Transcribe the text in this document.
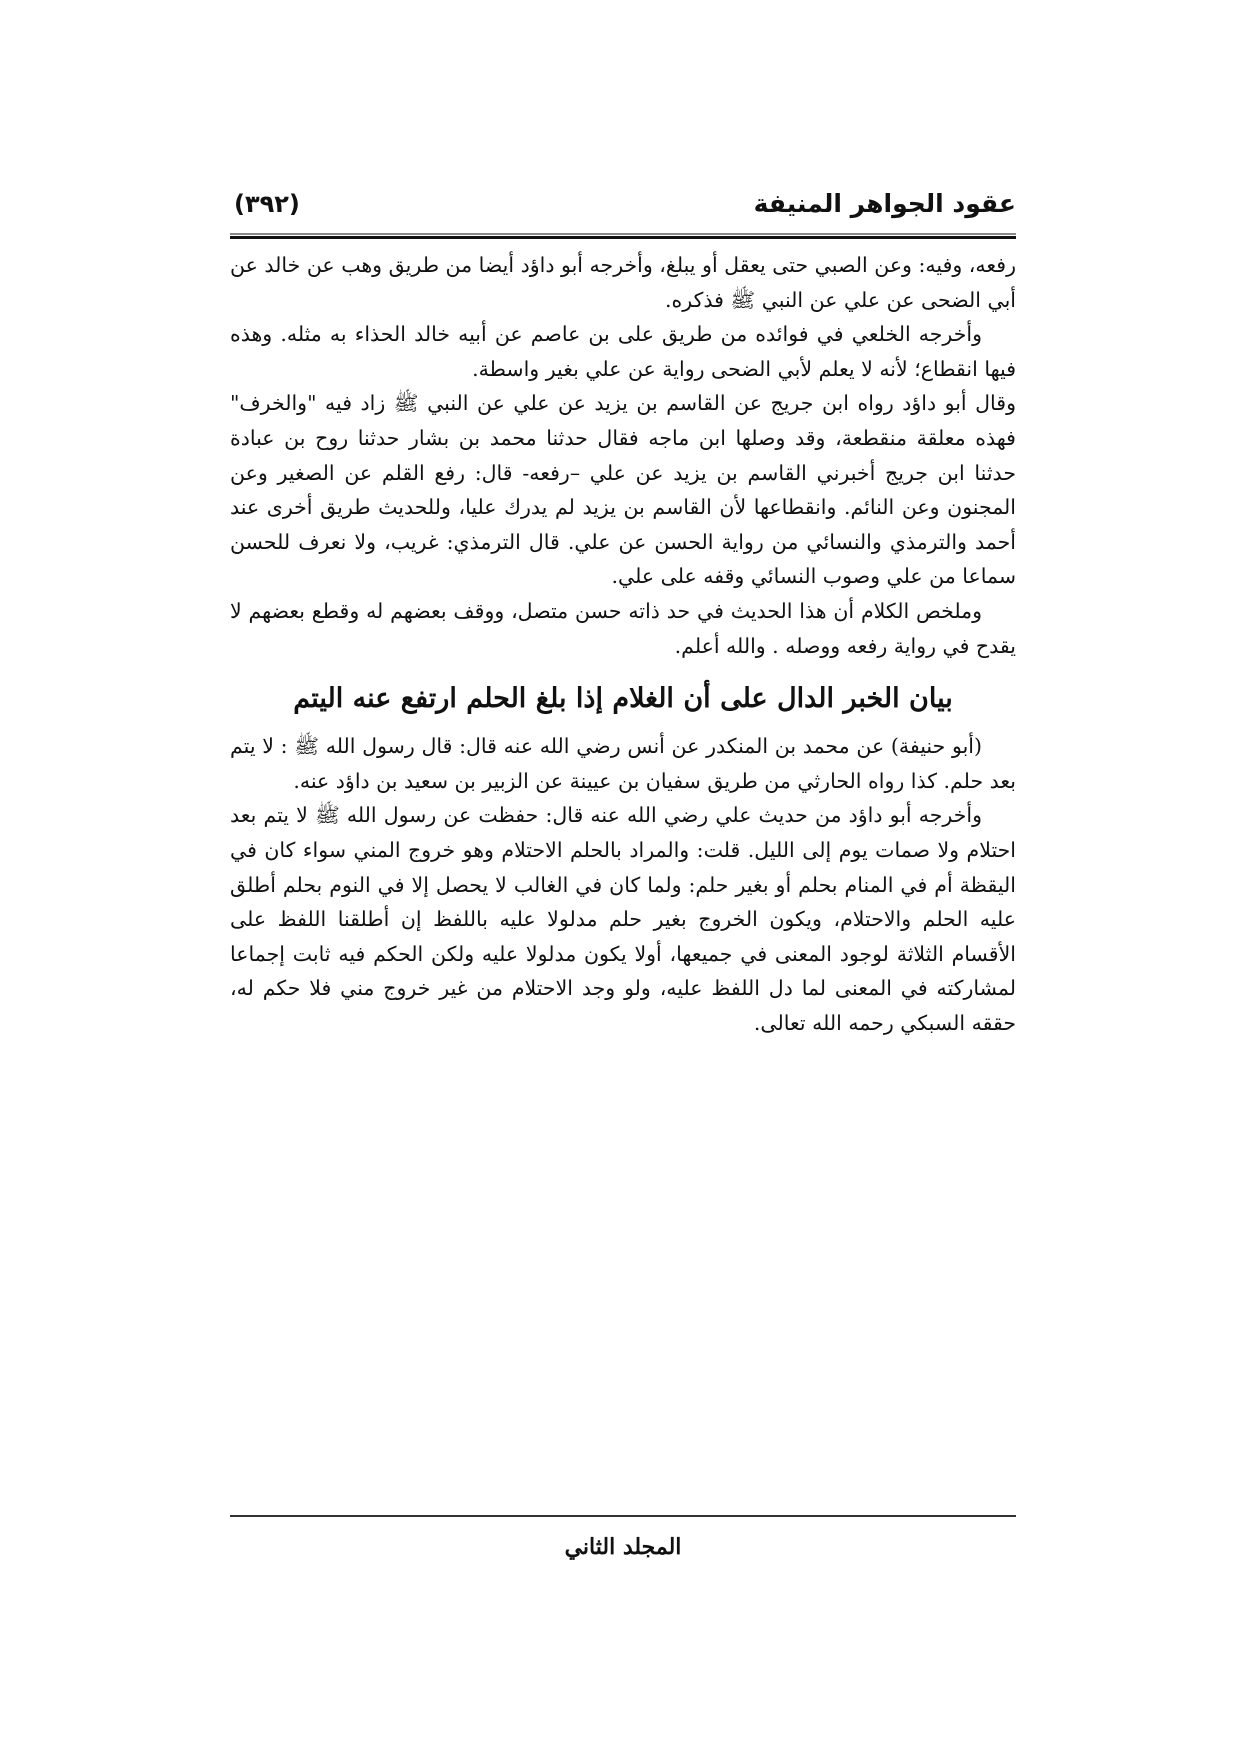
عقود الجواهر المنيفة
(٣٩٢)

رفعه، وفيه: وعن الصبي حتى يعقل أو يبلغ، وأخرجه أبو داؤد أيضا من طريق وهب عن خالد عن أبي الضحى عن علي عن النبي ﷺ فذكره.

وأخرجه الخلعي في فوائده من طريق على بن عاصم عن أبيه خالد الحذاء به مثله. وهذه فيها انقطاع؛ لأنه لا يعلم لأبي الضحى رواية عن علي بغير واسطة.

وقال أبو داؤد رواه ابن جريج عن القاسم بن يزيد عن علي عن النبي ﷺ زاد فيه "والخرف" فهذه معلقة منقطعة، وقد وصلها ابن ماجه فقال حدثنا محمد بن بشار حدثنا روح بن عبادة حدثنا ابن جريج أخبرني القاسم بن يزيد عن علي –رفعه- قال: رفع القلم عن الصغير وعن المجنون وعن النائم. وانقطاعها لأن القاسم بن يزيد لم يدرك عليا، وللحديث طريق أخرى عند أحمد والترمذي والنسائي من رواية الحسن عن علي. قال الترمذي: غريب، ولا نعرف للحسن سماعا من علي وصوب النسائي وقفه على علي.

وملخص الكلام أن هذا الحديث في حد ذاته حسن متصل، ووقف بعضهم له وقطع بعضهم لا يقدح في رواية رفعه ووصله . والله أعلم.

بيان الخبر الدال على أن الغلام إذا بلغ الحلم ارتفع عنه اليتم

(أبو حنيفة) عن محمد بن المنكدر عن أنس رضي الله عنه قال: قال رسول الله ﷺ : لا يتم بعد حلم. كذا رواه الحارثي من طريق سفيان بن عيينة عن الزبير بن سعيد بن داؤد عنه.

وأخرجه أبو داؤد من حديث علي رضي الله عنه قال: حفظت عن رسول الله ﷺ لا يتم بعد احتلام ولا صمات يوم إلى الليل. قلت: والمراد بالحلم الاحتلام وهو خروج المني سواء كان في اليقظة أم في المنام بحلم أو بغير حلم: ولما كان في الغالب لا يحصل إلا في النوم بحلم أطلق عليه الحلم والاحتلام، ويكون الخروج بغير حلم مدلولا عليه باللفظ إن أطلقنا اللفظ على الأقسام الثلاثة لوجود المعنى في جميعها، أولا يكون مدلولا عليه ولكن الحكم فيه ثابت إجماعا لمشاركته في المعنى لما دل اللفظ عليه، ولو وجد الاحتلام من غير خروج مني فلا حكم له، حققه السبكي رحمه الله تعالى.

المجلد الثاني
